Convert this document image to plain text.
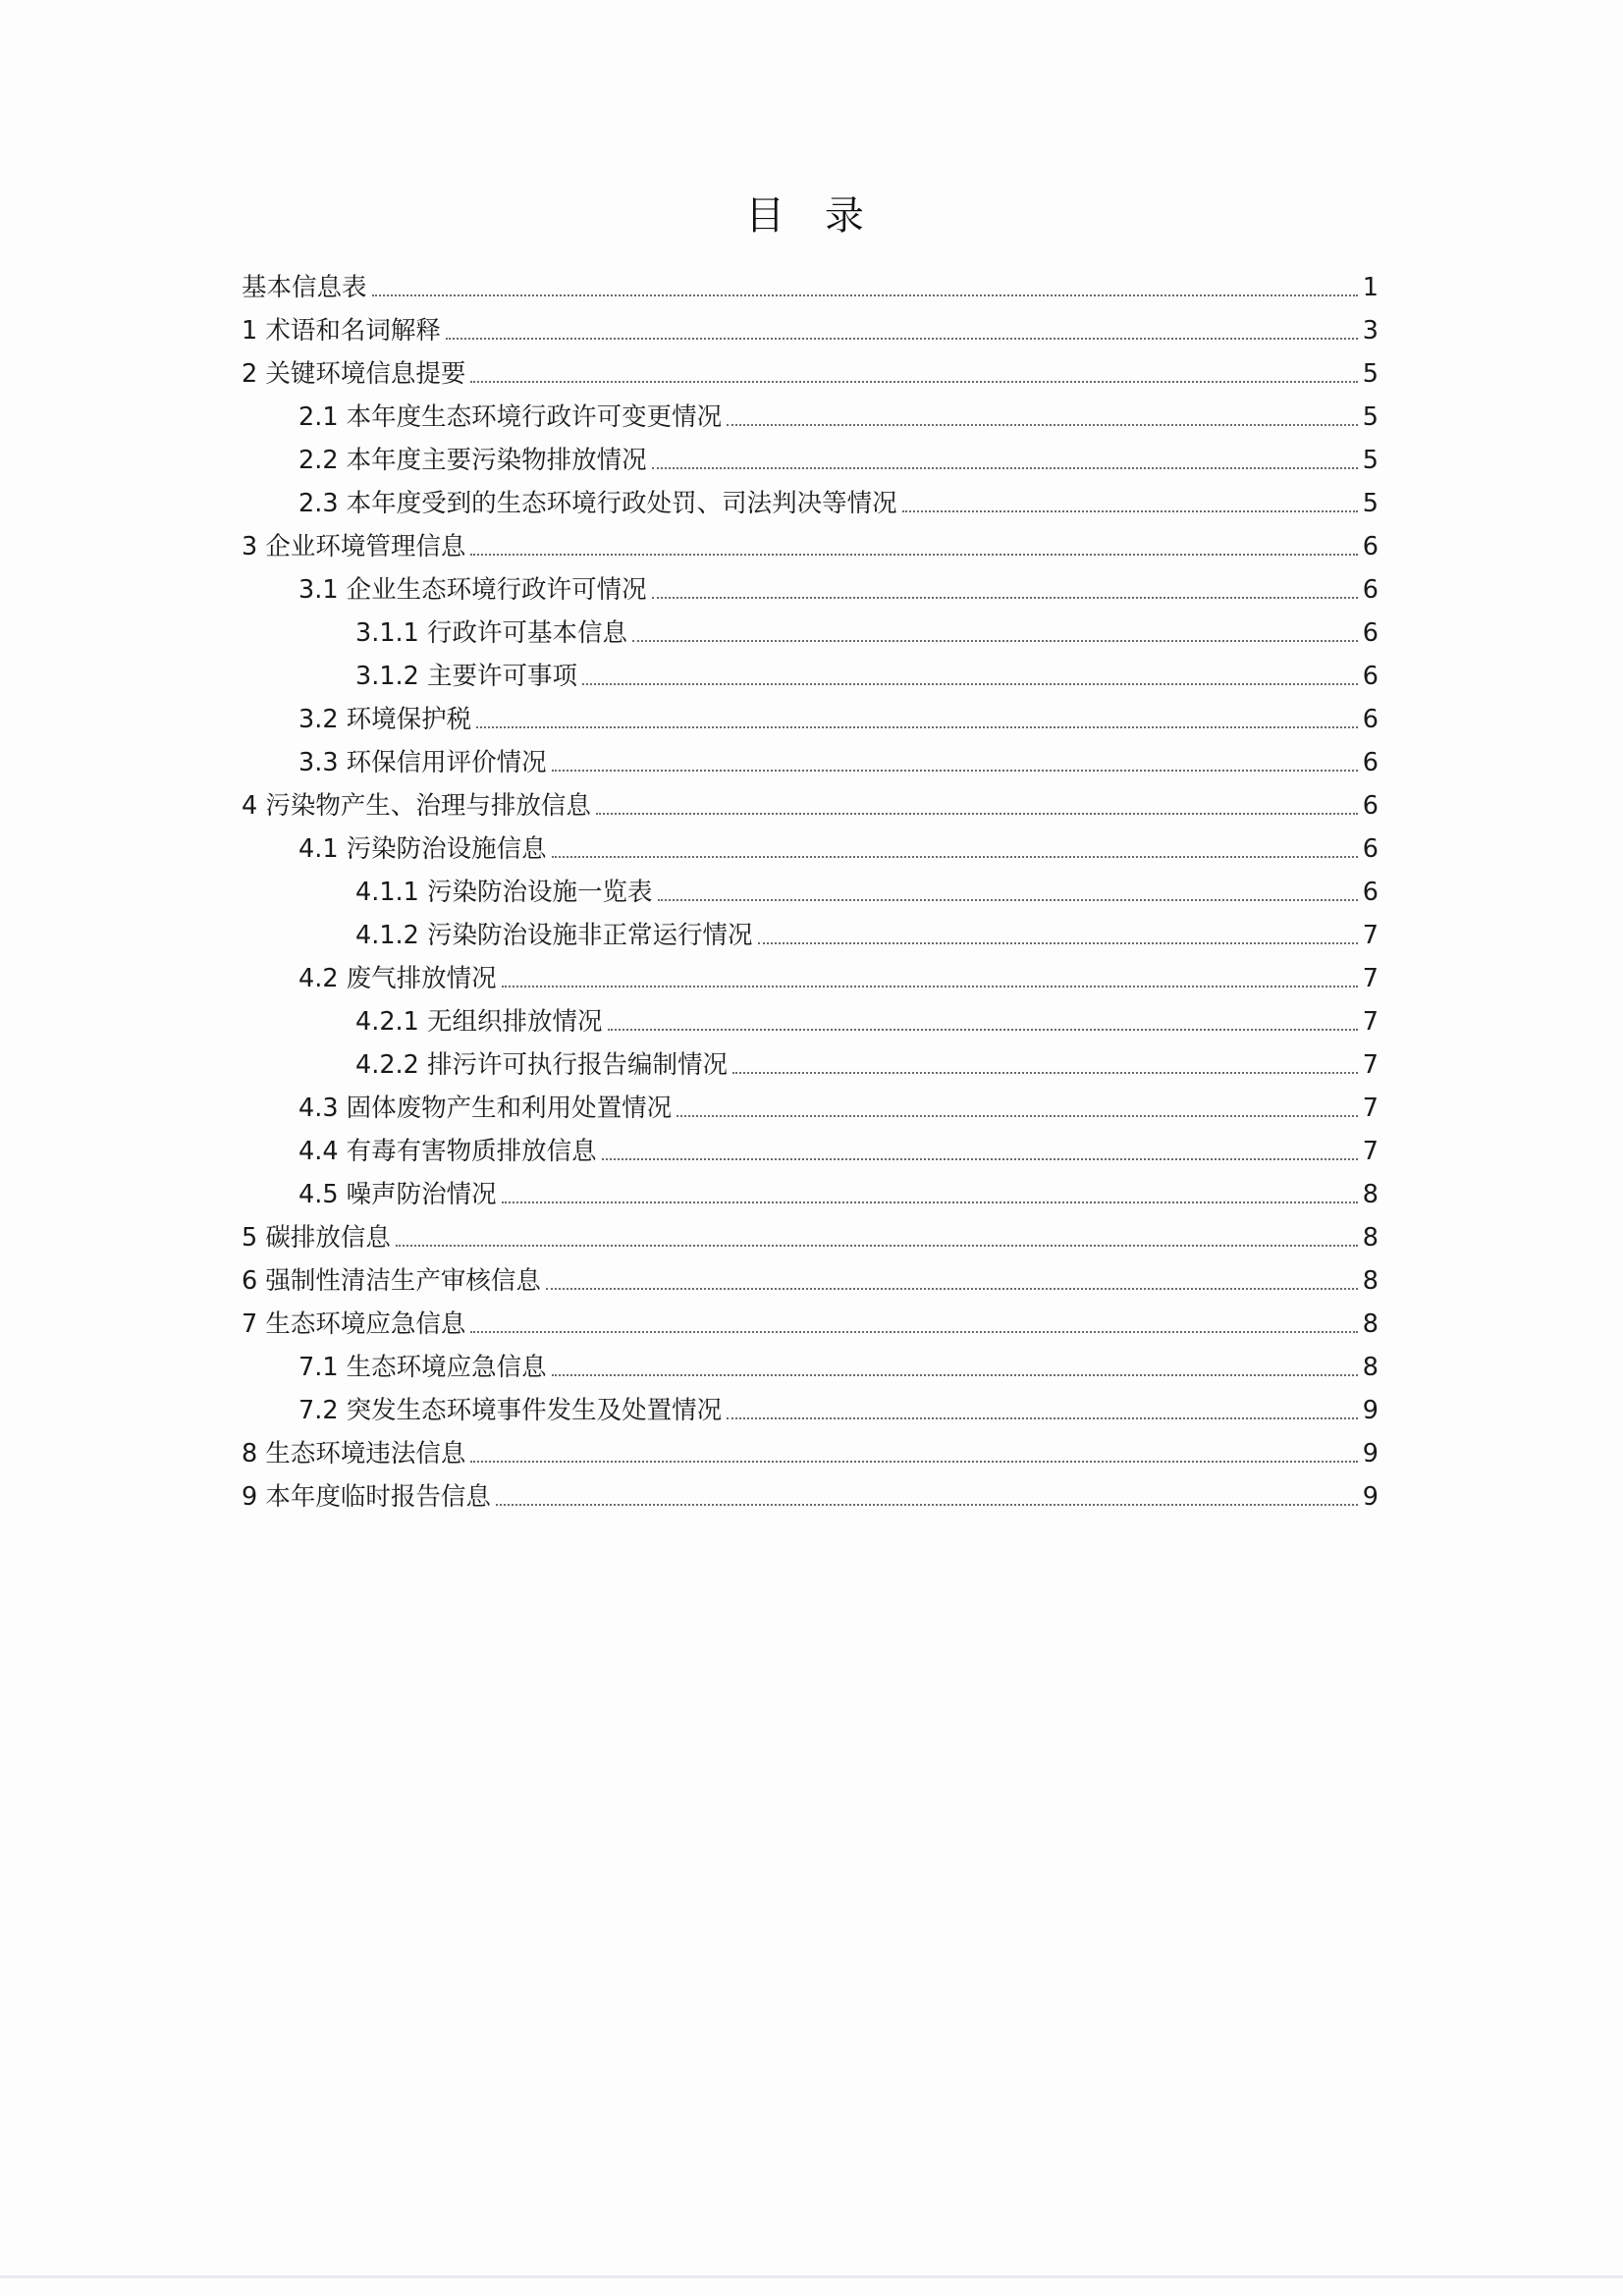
目 录
基本信息表	1
1 术语和名词解释	3
2 关键环境信息提要	5
2.1 本年度生态环境行政许可变更情况	5
2.2 本年度主要污染物排放情况	5
2.3 本年度受到的生态环境行政处罚、司法判决等情况	5
3 企业环境管理信息	6
3.1 企业生态环境行政许可情况	6
3.1.1 行政许可基本信息	6
3.1.2 主要许可事项	6
3.2 环境保护税	6
3.3 环保信用评价情况	6
4 污染物产生、治理与排放信息	6
4.1 污染防治设施信息	6
4.1.1 污染防治设施一览表	6
4.1.2 污染防治设施非正常运行情况	7
4.2 废气排放情况	7
4.2.1 无组织排放情况	7
4.2.2 排污许可执行报告编制情况	7
4.3 固体废物产生和利用处置情况	7
4.4 有毒有害物质排放信息	7
4.5 噪声防治情况	8
5 碳排放信息	8
6 强制性清洁生产审核信息	8
7 生态环境应急信息	8
7.1 生态环境应急信息	8
7.2 突发生态环境事件发生及处置情况	9
8 生态环境违法信息	9
9 本年度临时报告信息	9
